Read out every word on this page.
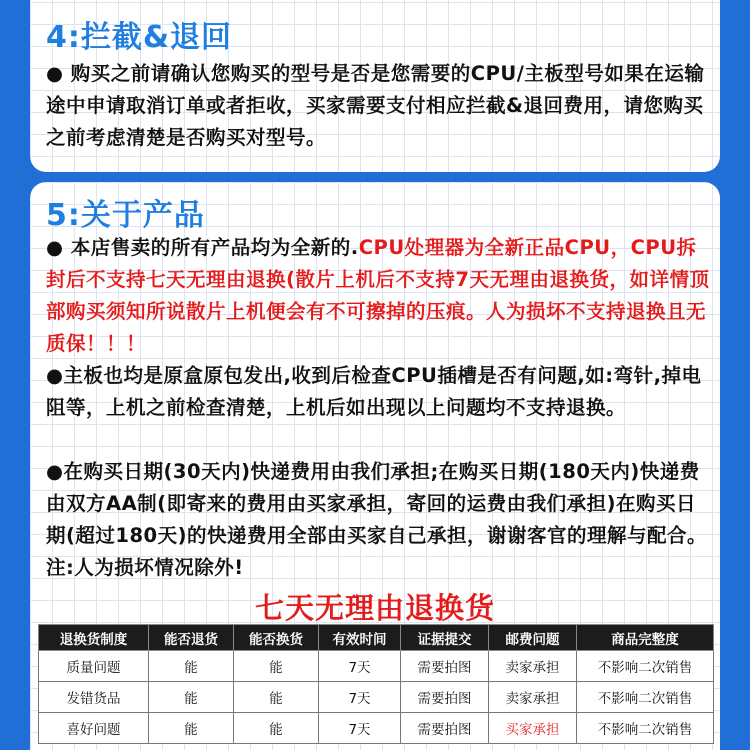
4:拦截&退回
● 购买之前请确认您购买的型号是否是您需要的CPU/主板型号如果在运输途中申请取消订单或者拒收，买家需要支付相应拦截&退回费用，请您购买之前考虑清楚是否购买对型号。
5:关于产品
● 本店售卖的所有产品均为全新的.CPU处理器为全新正品CPU，CPU拆封后不支持七天无理由退换(散片上机后不支持7天无理由退换货，如详情顶部购买须知所说散片上机便会有不可擦掉的压痕。人为损坏不支持退换且无质保！！！
●主板也均是原盒原包发出,收到后检查CPU插槽是否有问题,如:弯针,掉电阻等，上机之前检查清楚，上机后如出现以上问题均不支持退换。
●在购买日期(30天内)快递费用由我们承担;在购买日期(180天内)快递费由双方AA制(即寄来的费用由买家承担，寄回的运费由我们承担)在购买日期(超过180天)的快递费用全部由买家自己承担，谢谢客官的理解与配合。注:人为损坏情况除外!
七天无理由退换货
退换货制度	能否退货	能否换货	有效时间	证据提交	邮费问题	商品完整度
质量问题	能	能	7天	需要拍图	卖家承担	不影响二次销售
发错货品	能	能	7天	需要拍图	卖家承担	不影响二次销售
喜好问题	能	能	7天	需要拍图	买家承担	不影响二次销售
